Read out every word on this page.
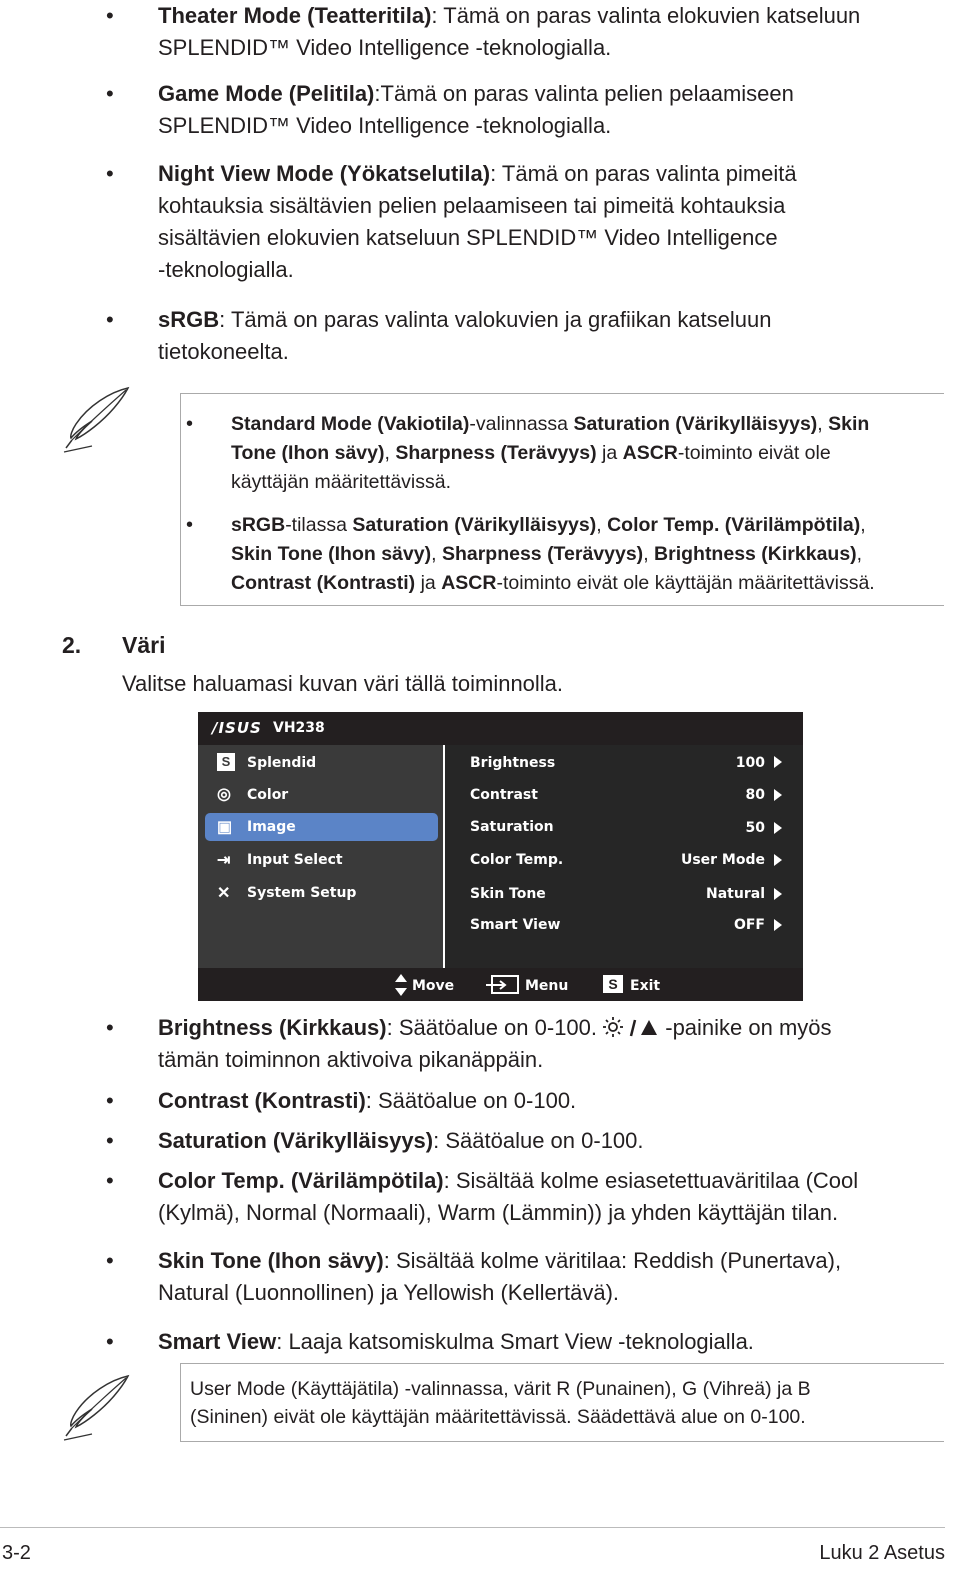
• Theater Mode (Teatteritila): Tämä on paras valinta elokuvien katseluun
SPLENDID™ Video Intelligence -teknologialla.
• Game Mode (Pelitila):Tämä on paras valinta pelien pelaamiseen
SPLENDID™ Video Intelligence -teknologialla.
• Night View Mode (Yökatselutila): Tämä on paras valinta pimeitä
kohtauksia sisältävien pelien pelaamiseen tai pimeitä kohtauksia
sisältävien elokuvien katseluun SPLENDID™ Video Intelligence
-teknologialla.
• sRGB: Tämä on paras valinta valokuvien ja grafiikan katseluun
tietokoneelta.
• Standard Mode (Vakiotila)-valinnassa Saturation (Värikylläisyys), Skin
Tone (Ihon sävy), Sharpness (Terävyys) ja ASCR-toiminto eivät ole
käyttäjän määritettävissä.
• sRGB-tilassa Saturation (Värikylläisyys), Color Temp. (Värilämpötila),
Skin Tone (Ihon sävy), Sharpness (Terävyys), Brightness (Kirkkaus),
Contrast (Kontrasti) ja ASCR-toiminto eivät ole käyttäjän määritettävissä.
2. Väri
Valitse haluamasi kuvan väri tällä toiminnolla.
/ISUS VH238
S	Splendid
◎ Color
▣ Image
⇥ Input Select
✕ System Setup
Brightness	100
Contrast	80
Saturation	50
Color Temp.	User Mode
Skin Tone	Natural
Smart View	OFF
Move	Menu	S Exit
• Brightness (Kirkkaus): Säätöalue on 0-100.	-painike on myös
tämän toiminnon aktivoiva pikanäppäin.
• Contrast (Kontrasti): Säätöalue on 0-100.
• Saturation (Värikylläisyys): Säätöalue on 0-100.
• Color Temp. (Värilämpötila): Sisältää kolme esiasetettuaväritilaa (Cool
(Kylmä), Normal (Normaali), Warm (Lämmin)) ja yhden käyttäjän tilan.
• Skin Tone (Ihon sävy): Sisältää kolme väritilaa: Reddish (Punertava),
Natural (Luonnollinen) ja Yellowish (Kellertävä).
• Smart View: Laaja katsomiskulma Smart View -teknologialla.
User Mode (Käyttäjätila) -valinnassa, värit R (Punainen), G (Vihreä) ja B
(Sininen) eivät ole käyttäjän määritettävissä. Säädettävä alue on 0-100.
3-2	Luku 2 Asetus
